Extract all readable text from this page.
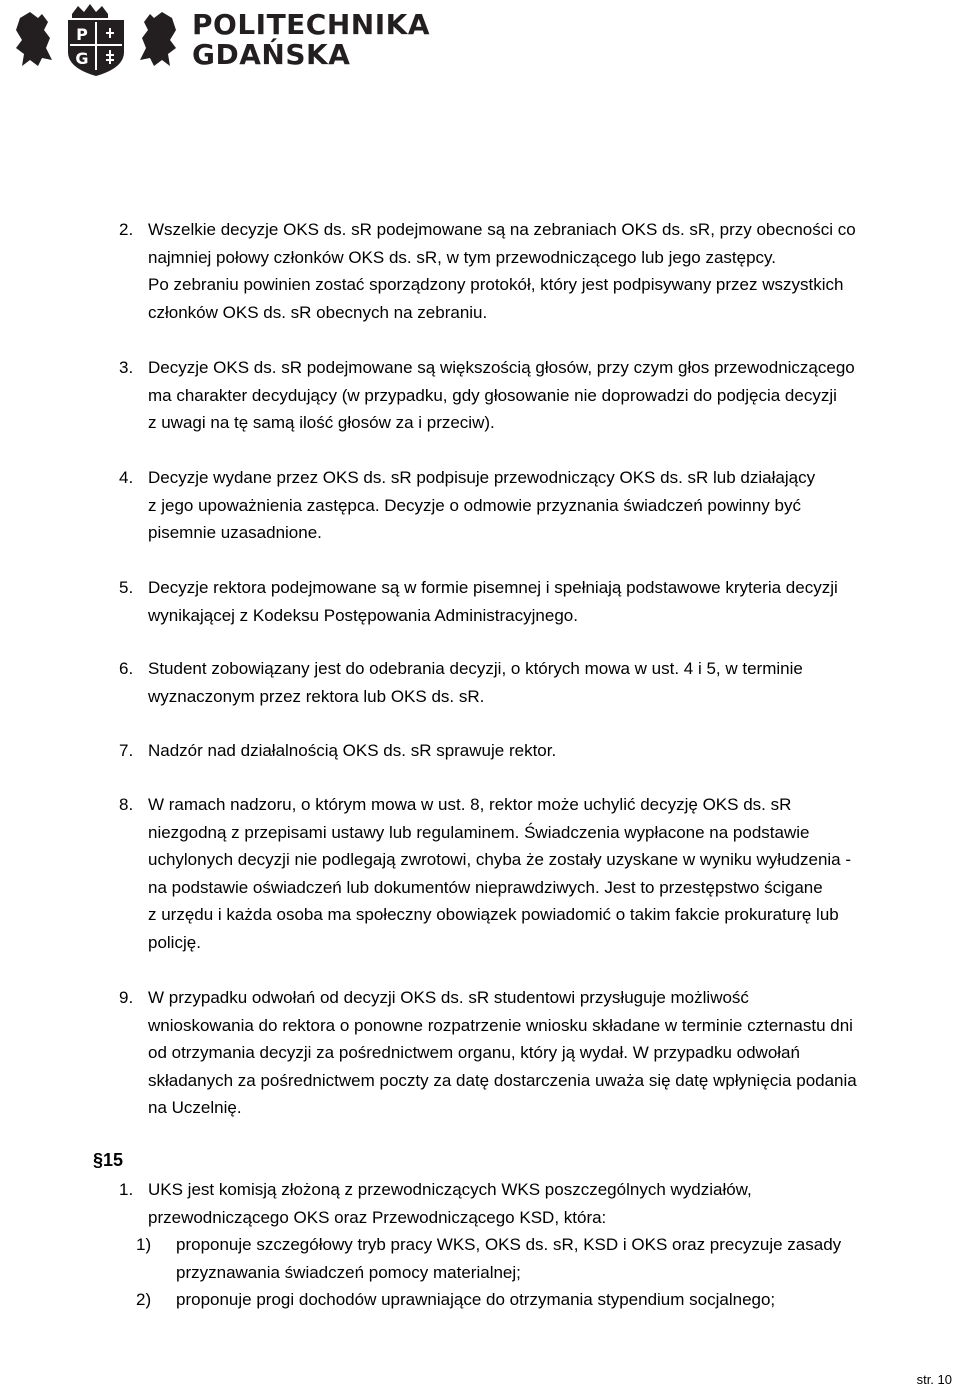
P
G
POLITECHNIKA
GDAŃSKA
2. Wszelkie decyzje OKS ds. sR podejmowane są na zebraniach OKS ds. sR, przy obecności co
najmniej połowy członków OKS ds. sR, w tym przewodniczącego lub jego zastępcy.
Po zebraniu powinien zostać sporządzony protokół, który jest podpisywany przez wszystkich
członków OKS ds. sR obecnych na zebraniu.
3. Decyzje OKS ds. sR podejmowane są większością głosów, przy czym głos przewodniczącego
ma charakter decydujący (w przypadku, gdy głosowanie nie doprowadzi do podjęcia decyzji
z uwagi na tę samą ilość głosów za i przeciw).
4. Decyzje wydane przez OKS ds. sR podpisuje przewodniczący OKS ds. sR lub działający
z jego upoważnienia zastępca. Decyzje o odmowie przyznania świadczeń powinny być
pisemnie uzasadnione.
5. Decyzje rektora podejmowane są w formie pisemnej i spełniają podstawowe kryteria decyzji
wynikającej z Kodeksu Postępowania Administracyjnego.
6. Student zobowiązany jest do odebrania decyzji, o których mowa w ust. 4 i 5, w terminie
wyznaczonym przez rektora lub OKS ds. sR.
7. Nadzór nad działalnością OKS ds. sR sprawuje rektor.
8. W ramach nadzoru, o którym mowa w ust. 8, rektor może uchylić decyzję OKS ds. sR
niezgodną z przepisami ustawy lub regulaminem. Świadczenia wypłacone na podstawie
uchylonych decyzji nie podlegają zwrotowi, chyba że zostały uzyskane w wyniku wyłudzenia -
na podstawie oświadczeń lub dokumentów nieprawdziwych. Jest to przestępstwo ścigane
z urzędu i każda osoba ma społeczny obowiązek powiadomić o takim fakcie prokuraturę lub
policję.
9. W przypadku odwołań od decyzji OKS ds. sR studentowi przysługuje możliwość
wnioskowania do rektora o ponowne rozpatrzenie wniosku składane w terminie czternastu dni
od otrzymania decyzji za pośrednictwem organu, który ją wydał. W przypadku odwołań
składanych za pośrednictwem poczty za datę dostarczenia uważa się datę wpłynięcia podania
na Uczelnię.
§15
1. UKS jest komisją złożoną z przewodniczących WKS poszczególnych wydziałów,
przewodniczącego OKS oraz Przewodniczącego KSD, która:
1) proponuje szczegółowy tryb pracy WKS, OKS ds. sR, KSD i OKS oraz precyzuje zasady
przyznawania świadczeń pomocy materialnej;
2) proponuje progi dochodów uprawniające do otrzymania stypendium socjalnego;
str. 10
